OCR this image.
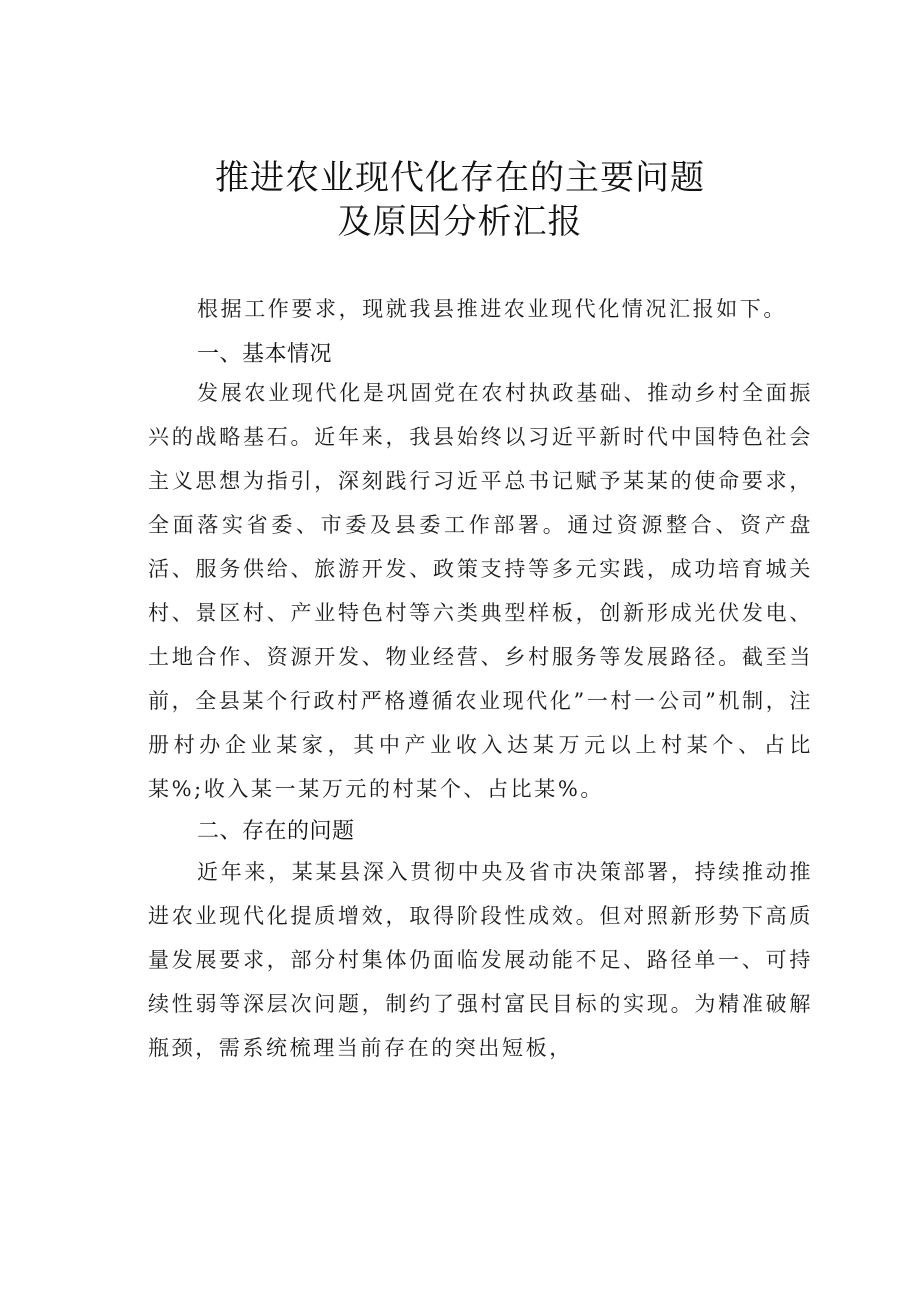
推进农业现代化存在的主要问题
及原因分析汇报
根据工作要求，现就我县推进农业现代化情况汇报如下。
一、基本情况
发展农业现代化是巩固党在农村执政基础、推动乡村全面振兴的战略基石。近年来，我县始终以习近平新时代中国特色社会主义思想为指引，深刻践行习近平总书记赋予某某的使命要求，全面落实省委、市委及县委工作部署。通过资源整合、资产盘活、服务供给、旅游开发、政策支持等多元实践，成功培育城关村、景区村、产业特色村等六类典型样板，创新形成光伏发电、土地合作、资源开发、物业经营、乡村服务等发展路径。截至当前，全县某个行政村严格遵循农业现代化”一村一公司”机制，注册村办企业某家，其中产业收入达某万元以上村某个、占比某%;收入某一某万元的村某个、占比某%。
二、存在的问题
近年来，某某县深入贯彻中央及省市决策部署，持续推动推进农业现代化提质增效，取得阶段性成效。但对照新形势下高质量发展要求，部分村集体仍面临发展动能不足、路径单一、可持续性弱等深层次问题，制约了强村富民目标的实现。为精准破解瓶颈，需系统梳理当前存在的突出短板，
